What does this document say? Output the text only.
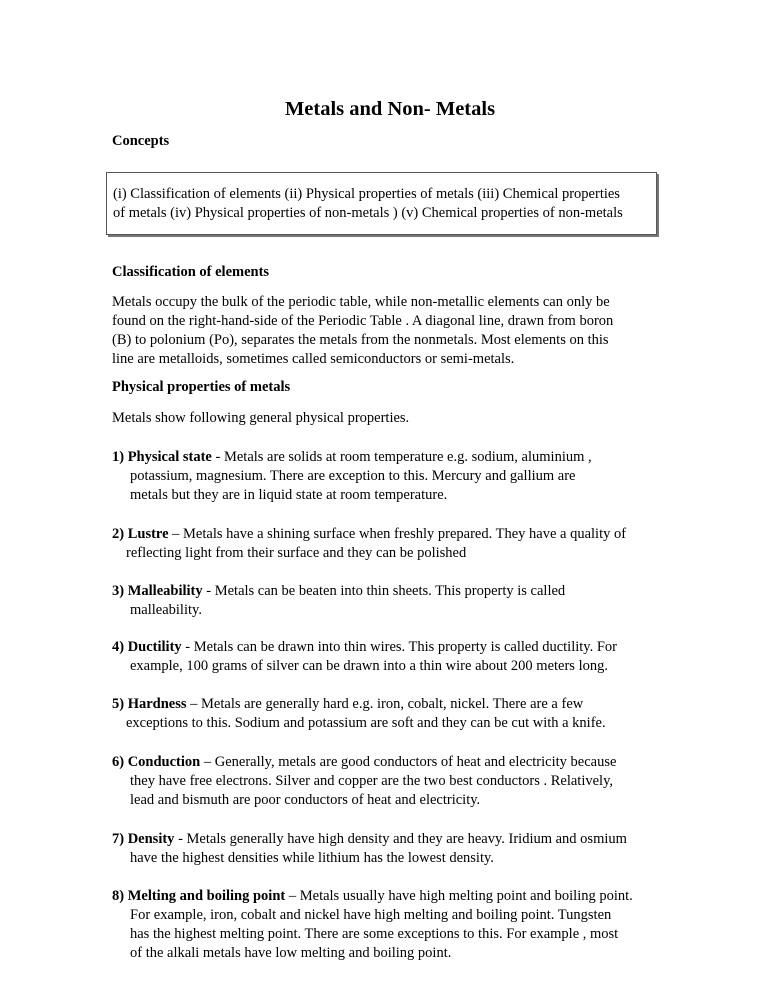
Metals and Non- Metals
Concepts
(i) Classification of elements (ii) Physical properties of metals (iii) Chemical properties
of metals (iv) Physical properties of non-metals ) (v) Chemical properties of non-metals
Classification of elements
Metals occupy the bulk of the periodic table, while non-metallic elements can only be
found on the right-hand-side of the Periodic Table . A diagonal line, drawn from boron
(B) to polonium (Po), separates the metals from the nonmetals. Most elements on this
line are metalloids, sometimes called semiconductors or semi-metals.
Physical properties of metals

Metals show following general physical properties.

1) Physical state - Metals are solids at room temperature e.g. sodium, aluminium ,
potassium, magnesium. There are exception to this. Mercury and gallium are
metals but they are in liquid state at room temperature.
2) Lustre – Metals have a shining surface when freshly prepared. They have a quality of
reflecting light from their surface and they can be polished
3) Malleability - Metals can be beaten into thin sheets. This property is called
malleability.
4) Ductility - Metals can be drawn into thin wires. This property is called ductility. For
example, 100 grams of silver can be drawn into a thin wire about 200 meters long.
5) Hardness – Metals are generally hard e.g. iron, cobalt, nickel. There are a few
exceptions to this. Sodium and potassium are soft and they can be cut with a knife.
6) Conduction – Generally, metals are good conductors of heat and electricity because
they have free electrons. Silver and copper are the two best conductors . Relatively,
lead and bismuth are poor conductors of heat and electricity.
7) Density - Metals generally have high density and they are heavy. Iridium and osmium
have the highest densities while lithium has the lowest density.
8) Melting and boiling point – Metals usually have high melting point and boiling point.
For example, iron, cobalt and nickel have high melting and boiling point. Tungsten
has the highest melting point. There are some exceptions to this. For example , most
of the alkali metals have low melting and boiling point.
